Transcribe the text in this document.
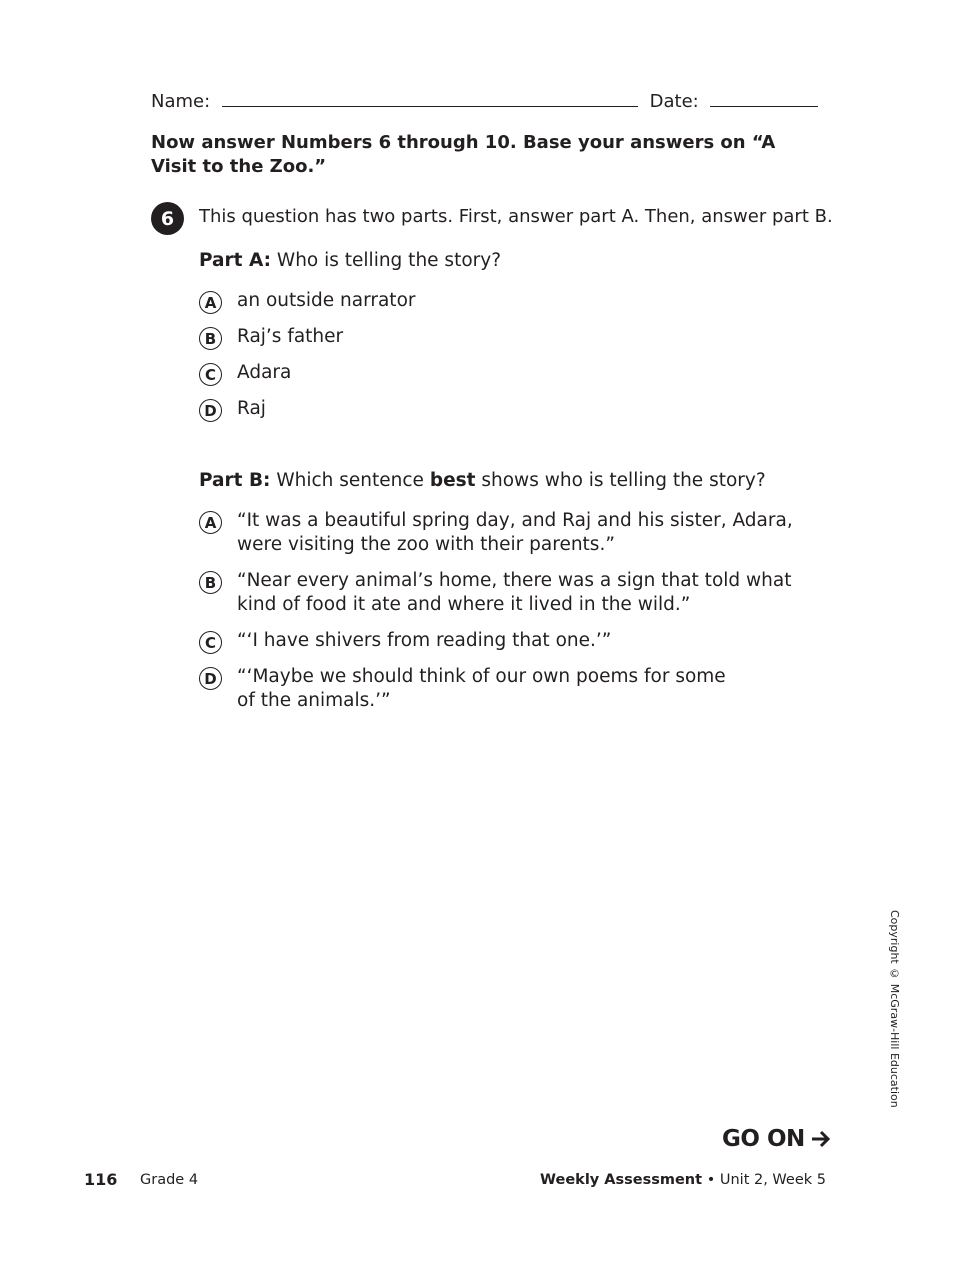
Name:	Date:
Now answer Numbers 6 through 10. Base your answers on “A Visit to the Zoo.”
6	This question has two parts. First, answer part A. Then, answer part B.
Part A: Who is telling the story?
A	an outside narrator
B	Raj’s father
C	Adara
D Raj
Part B: Which sentence best shows who is telling the story?
A	“It was a beautiful spring day, and Raj and his sister, Adara, were visiting the zoo with their parents.”
B	“Near every animal’s home, there was a sign that told what kind of food it ate and where it lived in the wild.”
C	“‘I have shivers from reading that one.’”
D “‘Maybe we should think of our own poems for some of the animals.’”
Copyright © McGraw-Hill Education
GO ON
116 Grade 4	Weekly Assessment • Unit 2, Week 5
